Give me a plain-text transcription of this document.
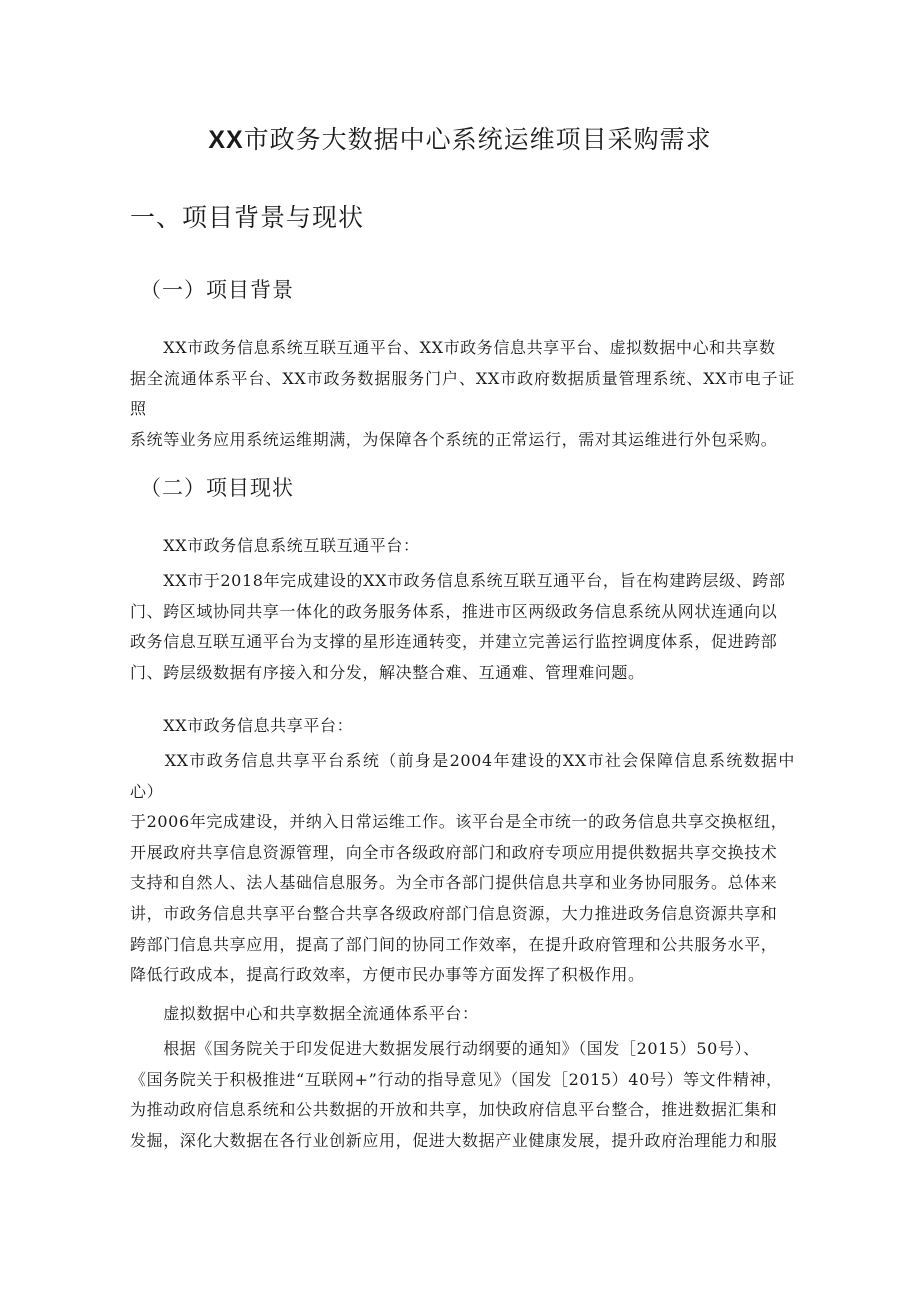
XX市政务大数据中心系统运维项目采购需求
一、项目背景与现状
（一）项目背景

　　XX市政务信息系统互联互通平台、XX市政务信息共享平台、虚拟数据中心和共享数
据全流通体系平台、XX市政务数据服务门户、XX市政府数据质量管理系统、XX市电子证照
系统等业务应用系统运维期满，为保障各个系统的正常运行，需对其运维进行外包采购。

（二）项目现状

　　XX市政务信息系统互联互通平台：

　　XX市于2018年完成建设的XX市政务信息系统互联互通平台，旨在构建跨层级、跨部
门、跨区域协同共享一体化的政务服务体系，推进市区两级政务信息系统从网状连通向以
政务信息互联互通平台为支撑的星形连通转变，并建立完善运行监控调度体系，促进跨部
门、跨层级数据有序接入和分发，解决整合难、互通难、管理难问题。

　　XX市政务信息共享平台：

　　XX市政务信息共享平台系统（前身是2004年建设的XX市社会保障信息系统数据中心）
于2006年完成建设，并纳入日常运维工作。该平台是全市统一的政务信息共享交换枢纽，
开展政府共享信息资源管理，向全市各级政府部门和政府专项应用提供数据共享交换技术
支持和自然人、法人基础信息服务。为全市各部门提供信息共享和业务协同服务。总体来
讲，市政务信息共享平台整合共享各级政府部门信息资源，大力推进政务信息资源共享和
跨部门信息共享应用，提高了部门间的协同工作效率，在提升政府管理和公共服务水平，
降低行政成本，提高行政效率，方便市民办事等方面发挥了积极作用。

　　虚拟数据中心和共享数据全流通体系平台：

　　根据《国务院关于印发促进大数据发展行动纲要的通知》（国发［2015）50号）、
《国务院关于积极推进“互联网+”行动的指导意见》（国发［2015）40号）等文件精神，
为推动政府信息系统和公共数据的开放和共享，加快政府信息平台整合，推进数据汇集和
发掘，深化大数据在各行业创新应用，促进大数据产业健康发展，提升政府治理能力和服
